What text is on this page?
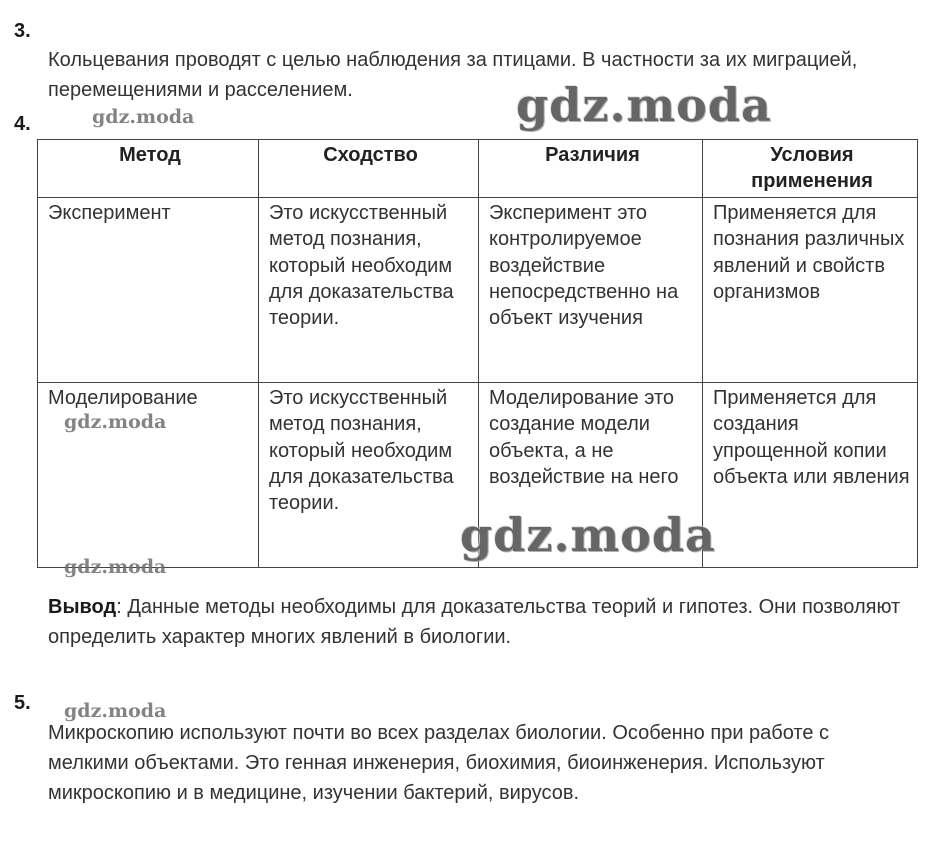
3.
Кольцевания проводят с целью наблюдения за птицами. В частности за их миграцией, перемещениями и расселением.
4.
Метод	Сходство	Различия	Условия применения
Эксперимент	Это искусственный метод познания, который необходим для доказательства теории.	Эксперимент это контролируемое воздействие непосредственно на объект изучения	Применяется для познания различных явлений и свойств организмов
Моделирование	Это искусственный метод познания, который необходим для доказательства теории.	Моделирование это создание модели объекта, а не воздействие на него	Применяется для создания упрощенной копии объекта или явления
Вывод: Данные методы необходимы для доказательства теорий и гипотез. Они позволяют определить характер многих явлений в биологии.
5.
Микроскопию используют почти во всех разделах биологии. Особенно при работе с мелкими объектами. Это генная инженерия, биохимия, биоинженерия. Используют микроскопию и в медицине, изучении бактерий, вирусов.
gdz.moda
gdz.moda
gdz.moda
gdz.moda
gdz.moda
gdz.moda
